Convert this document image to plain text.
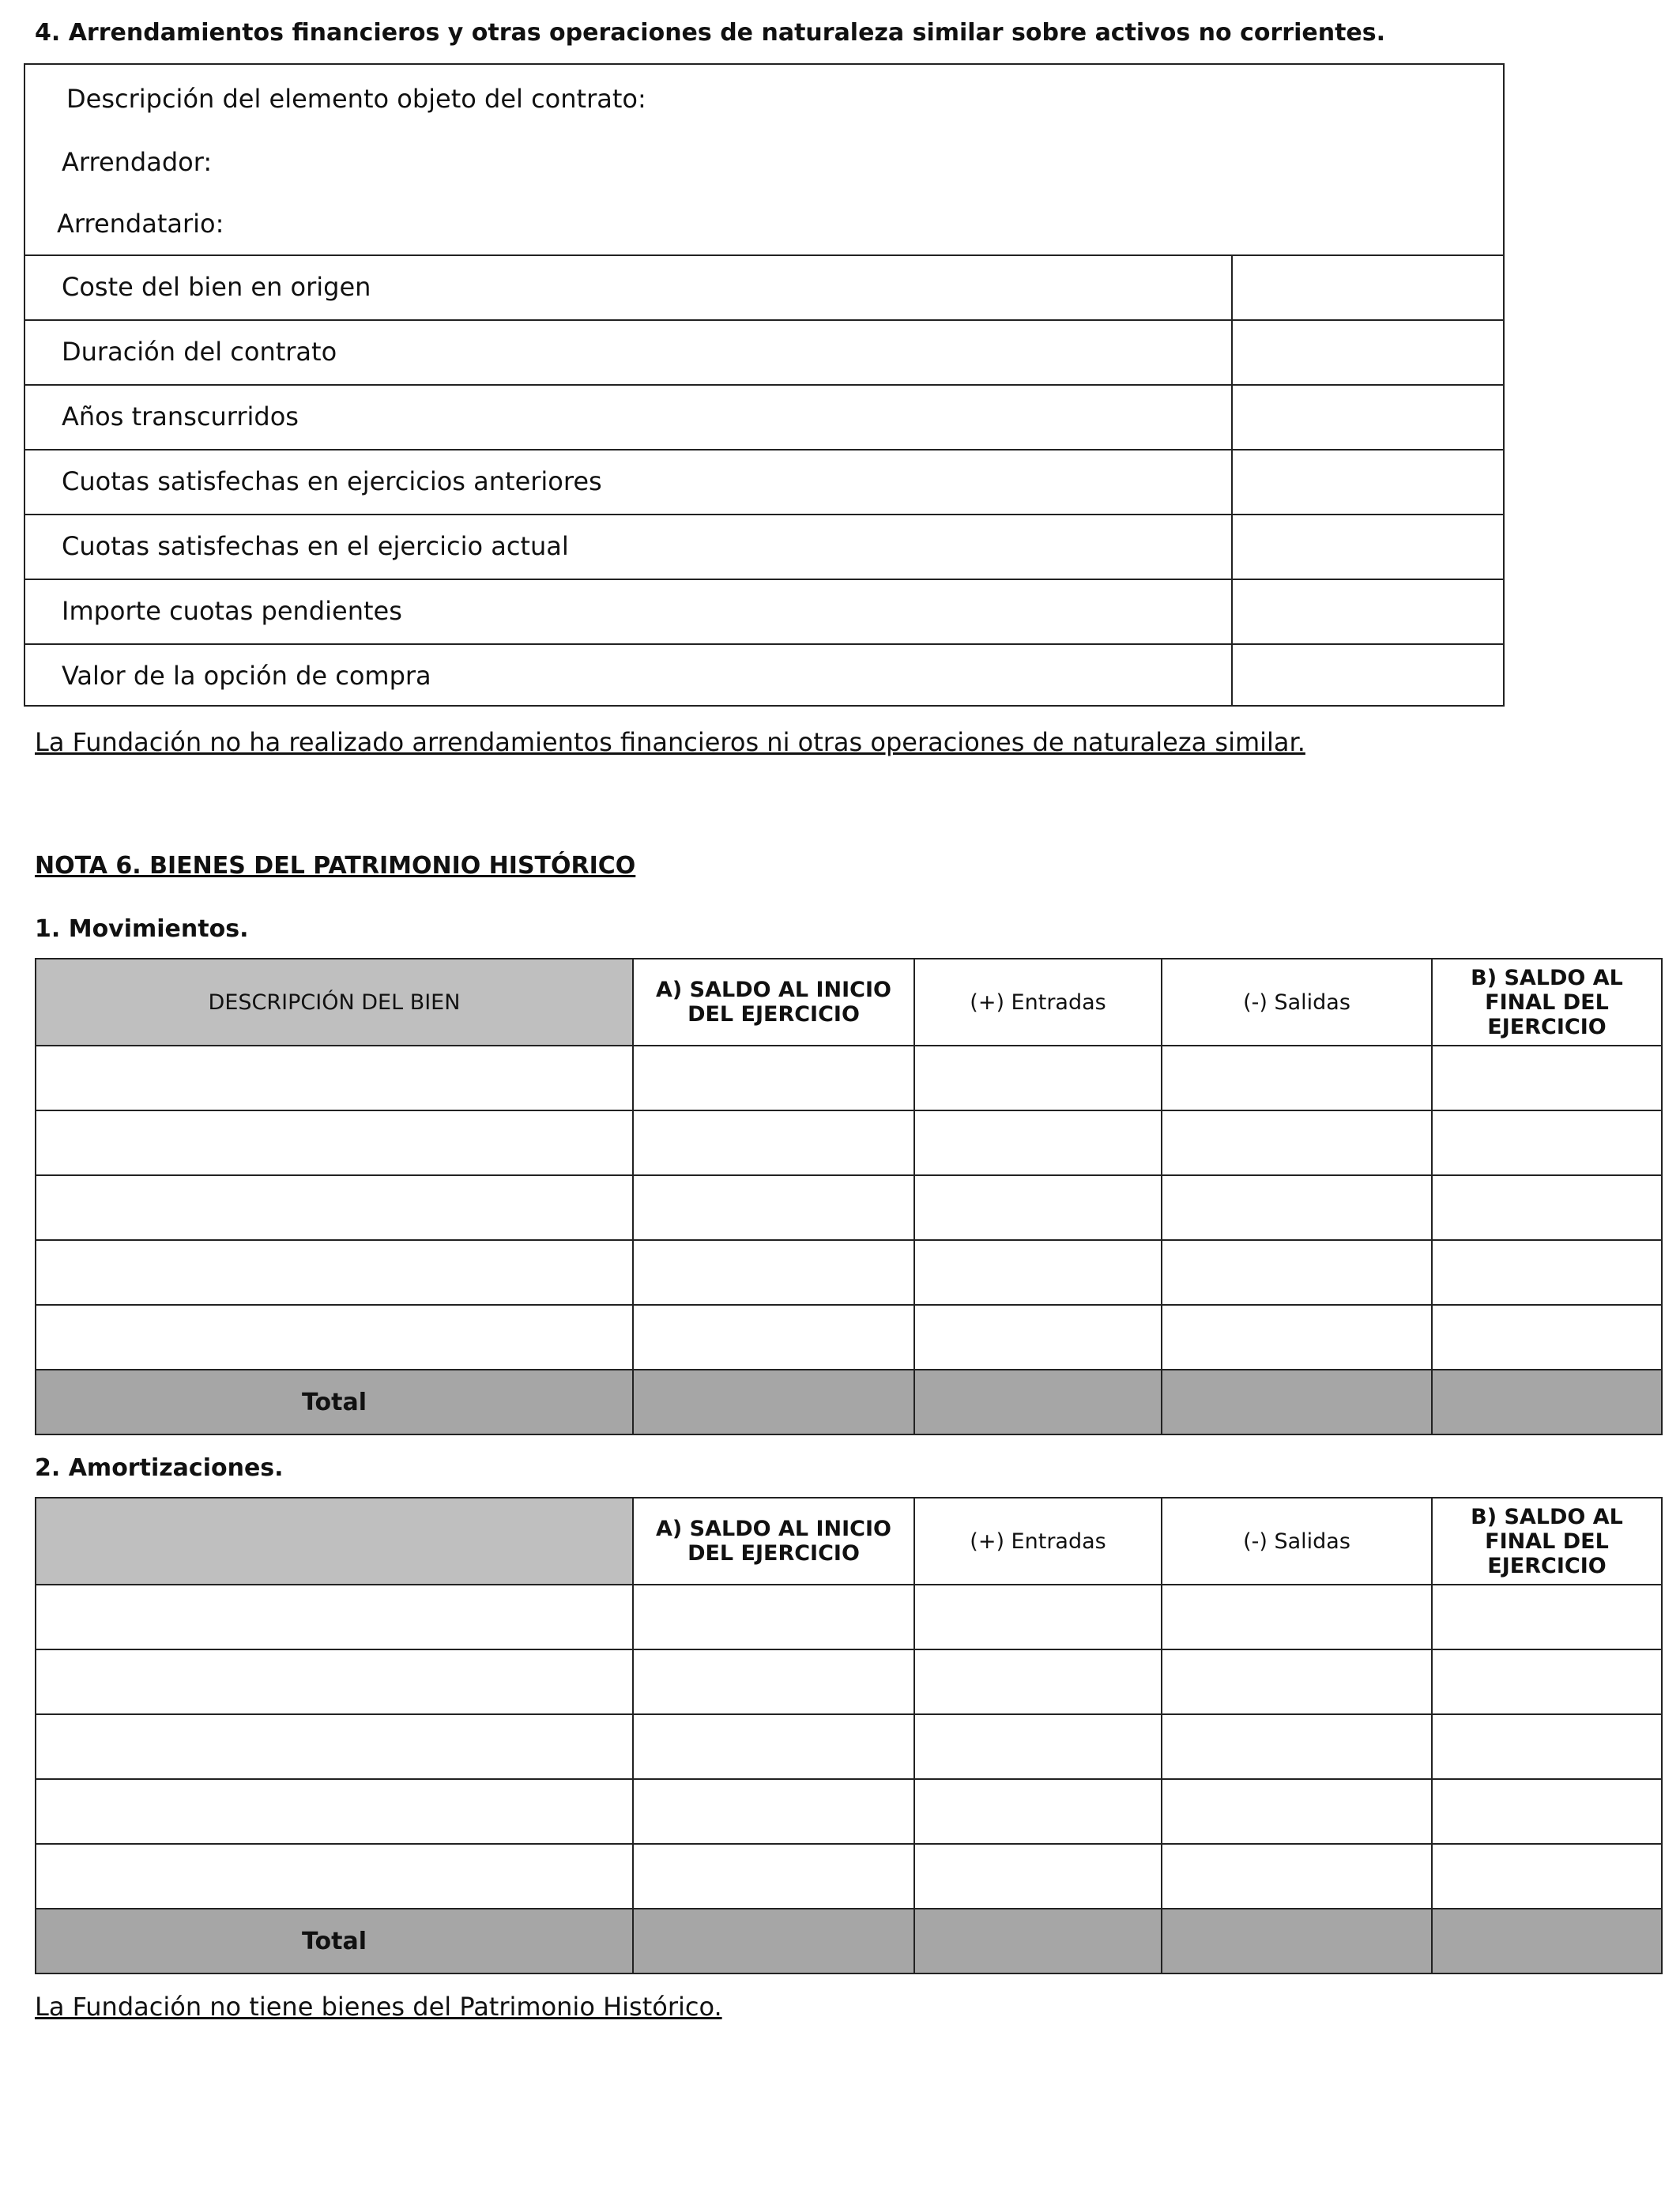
4. Arrendamientos financieros y otras operaciones de naturaleza similar sobre activos no corrientes.
Descripción del elemento objeto del contrato:
Arrendador:
Arrendatario:
Coste del bien en origen
Duración del contrato
Años transcurridos
Cuotas satisfechas en ejercicios anteriores
Cuotas satisfechas en el ejercicio actual
Importe cuotas pendientes
Valor de la opción de compra
La Fundación no ha realizado arrendamientos financieros ni otras operaciones de naturaleza similar.
NOTA 6. BIENES DEL PATRIMONIO HISTÓRICO
1. Movimientos.
DESCRIPCIÓN DEL BIEN	A) SALDO AL INICIO DEL EJERCICIO	(+) Entradas	(-) Salidas	B) SALDO AL FINAL DEL EJERCICIO

Total				
2. Amortizaciones.
	A) SALDO AL INICIO DEL EJERCICIO	(+) Entradas	(-) Salidas	B) SALDO AL FINAL DEL EJERCICIO

Total				
La Fundación no tiene bienes del Patrimonio Histórico.
